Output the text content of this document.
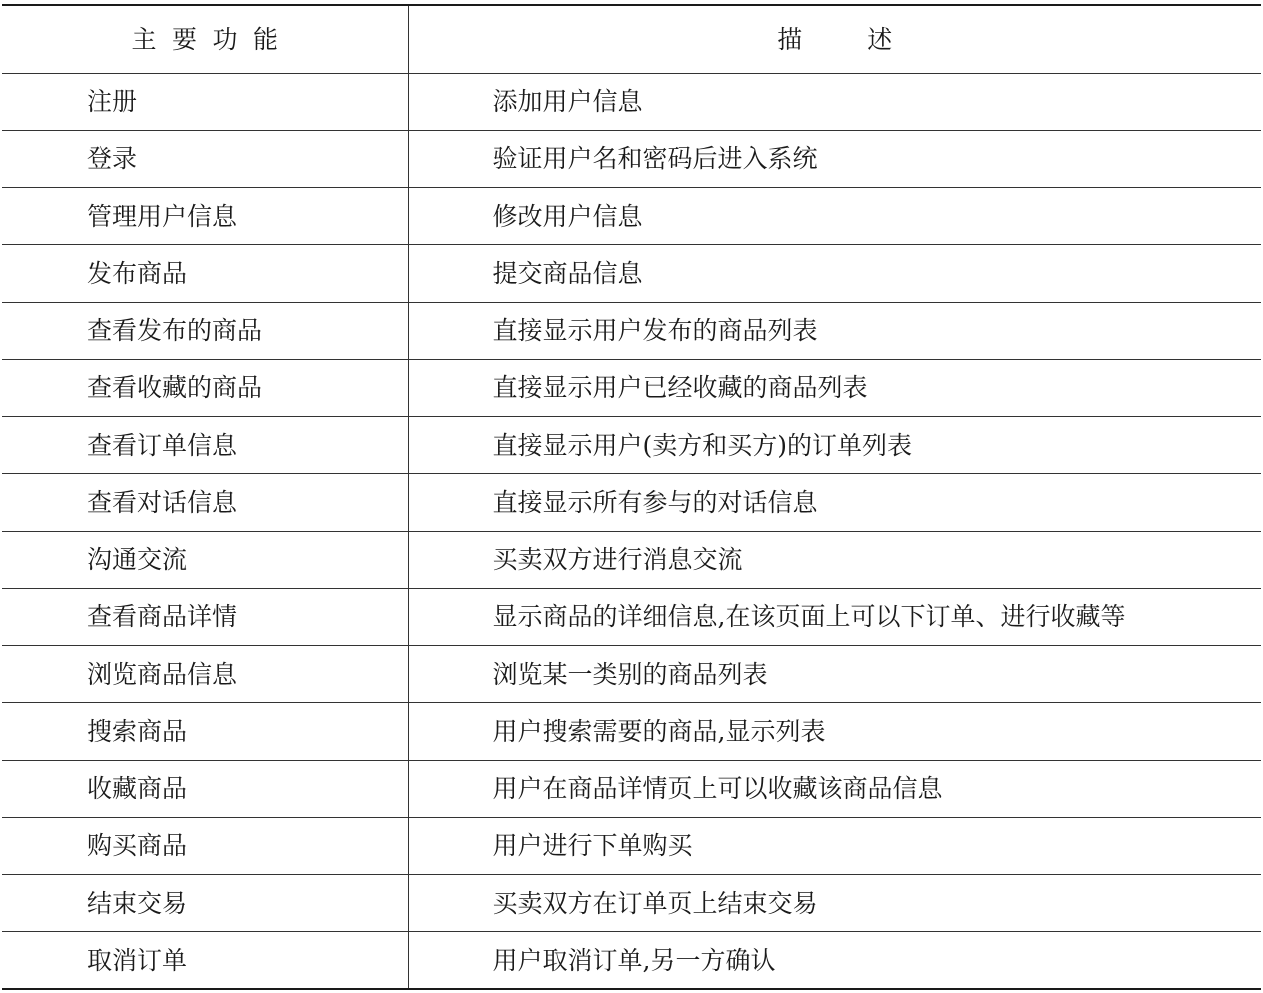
主要功能	描述
注册	添加用户信息
登录	验证用户名和密码后进入系统
管理用户信息	修改用户信息
发布商品	提交商品信息
查看发布的商品	直接显示用户发布的商品列表
查看收藏的商品	直接显示用户已经收藏的商品列表
查看订单信息	直接显示用户(卖方和买方)的订单列表
查看对话信息	直接显示所有参与的对话信息
沟通交流	买卖双方进行消息交流
查看商品详情	显示商品的详细信息,在该页面上可以下订单、进行收藏等
浏览商品信息	浏览某一类别的商品列表
搜索商品	用户搜索需要的商品,显示列表
收藏商品	用户在商品详情页上可以收藏该商品信息
购买商品	用户进行下单购买
结束交易	买卖双方在订单页上结束交易
取消订单	用户取消订单,另一方确认
